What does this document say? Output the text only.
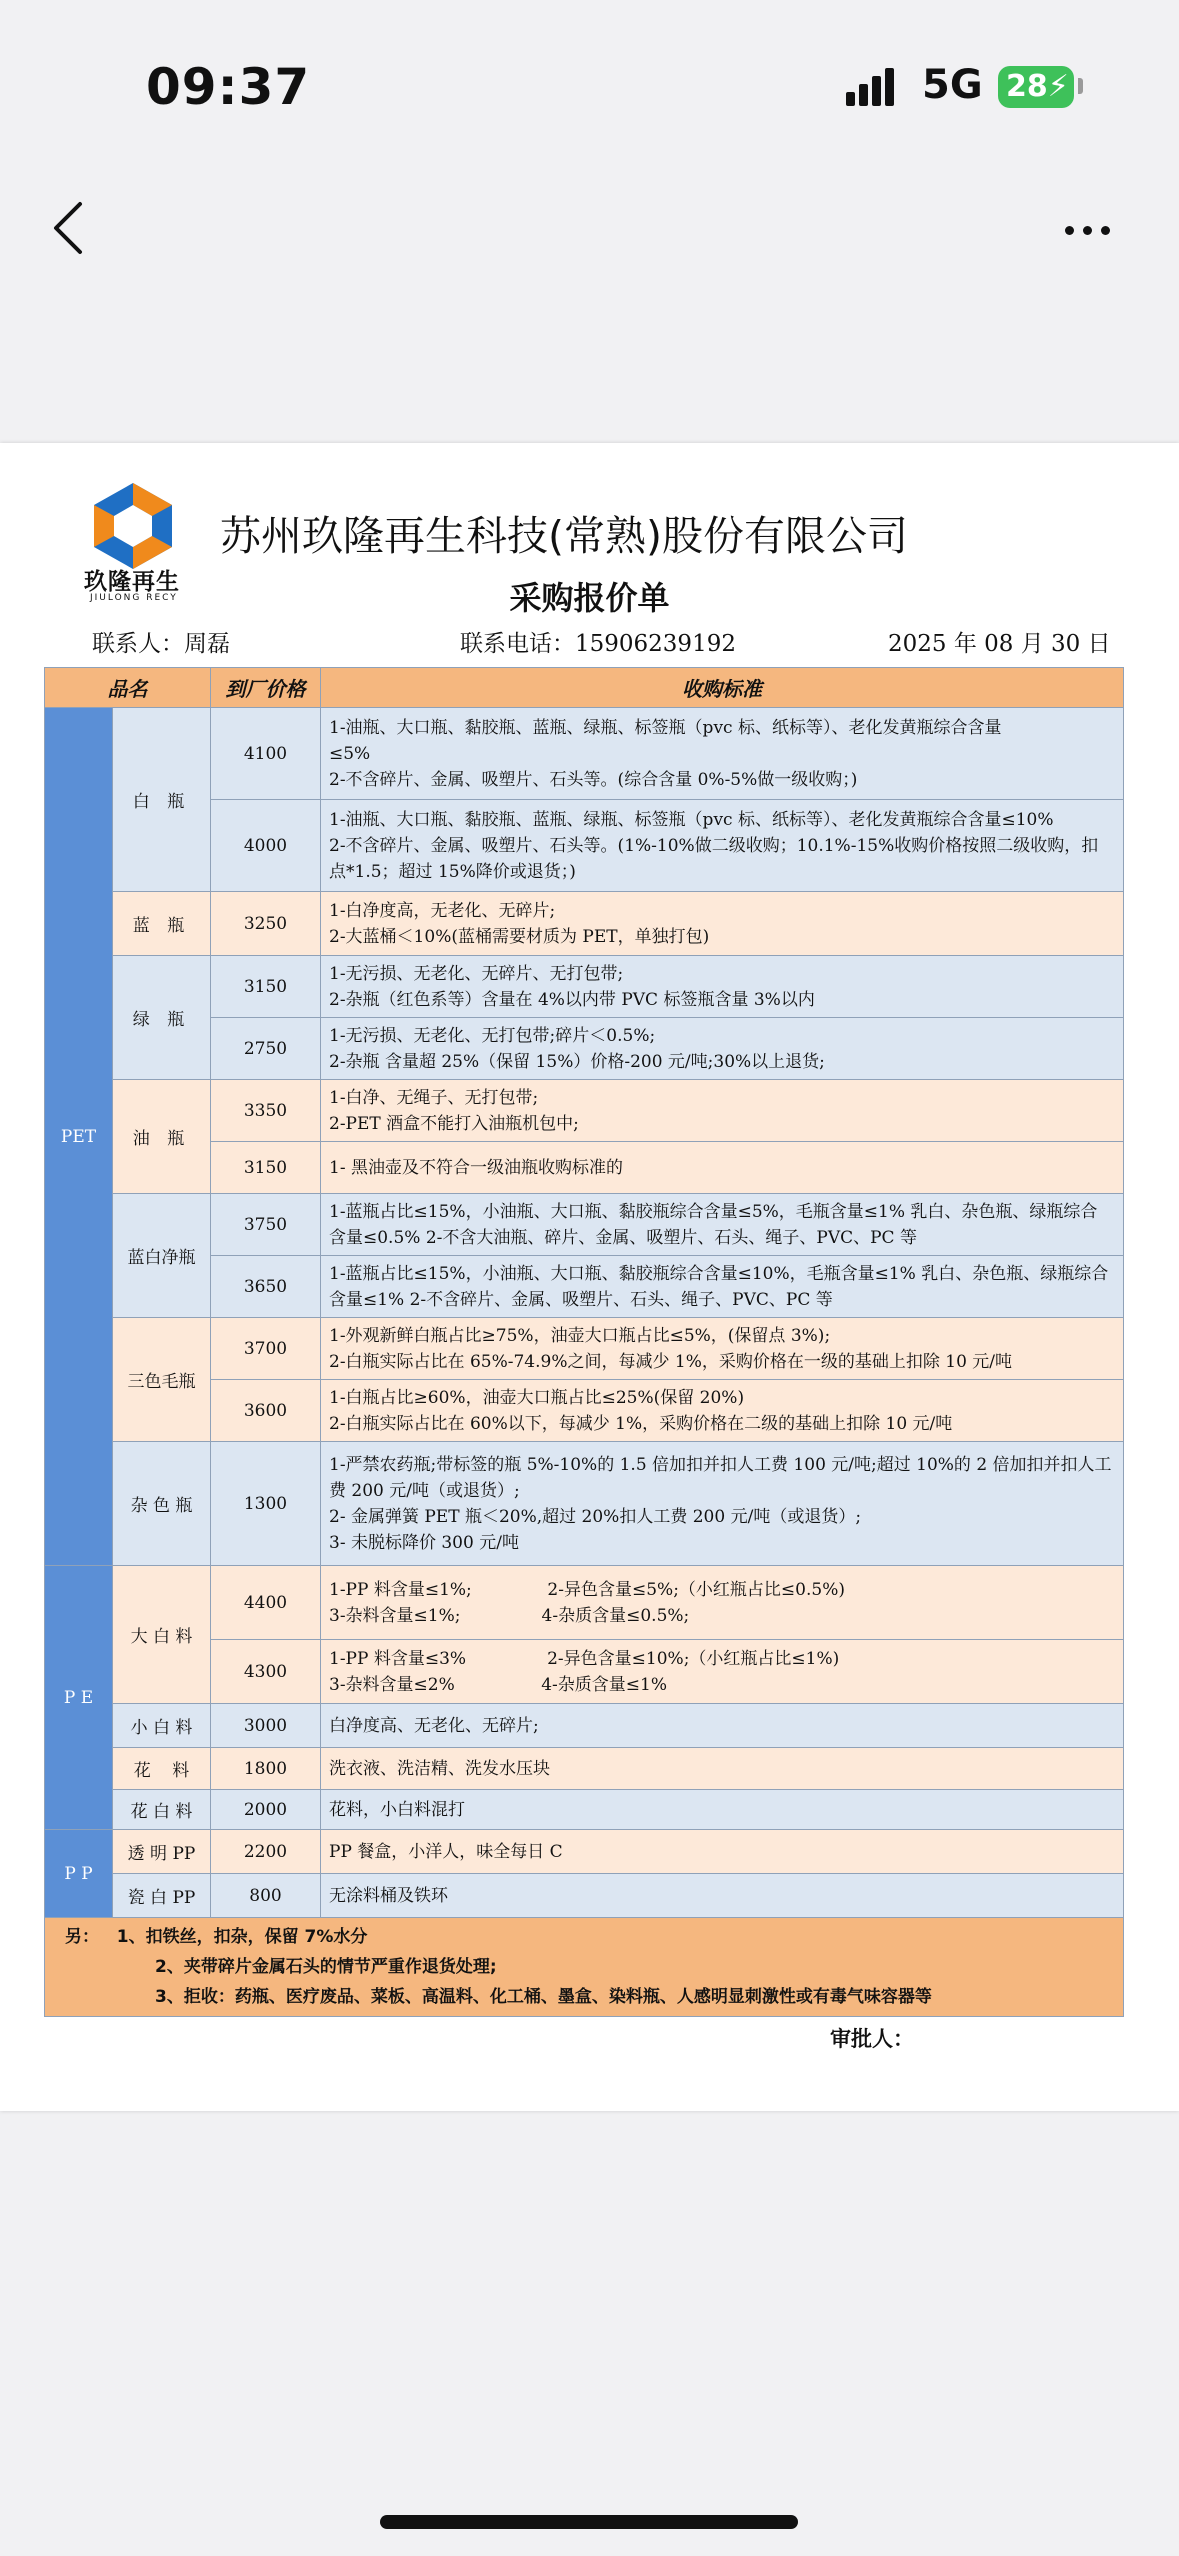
09:37	5G 28⚡
玖隆再生
JIULONG RECY
苏州玖隆再生科技(常熟)股份有限公司
采购报价单
联系人：周磊	联系电话：15906239192	2025 年 08 月 30 日
品名		到厂价格	收购标准
PET	白 瓶	4100	1-油瓶、大口瓶、黏胶瓶、蓝瓶、绿瓶、标签瓶（pvc 标、纸标等）、老化发黄瓶综合含量
≤5%
2-不含碎片、金属、吸塑片、石头等。(综合含量 0%-5%做一级收购；)

		4000	1-油瓶、大口瓶、黏胶瓶、蓝瓶、绿瓶、标签瓶（pvc 标、纸标等）、老化发黄瓶综合含量≤10%
2-不含碎片、金属、吸塑片、石头等。(1%-10%做二级收购；10.1%-15%收购价格按照二级收购，扣
点*1.5；超过 15%降价或退货；)

	蓝 瓶	3250	1-白净度高，无老化、无碎片;
2-大蓝桶＜10%(蓝桶需要材质为 PET，单独打包)

	绿 瓶	3150	1-无污损、无老化、无碎片、无打包带;
2-杂瓶（红色系等）含量在 4%以内带 PVC 标签瓶含量 3%以内

		2750	1-无污损、无老化、无打包带;碎片＜0.5%;
2-杂瓶 含量超 25%（保留 15%）价格-200 元/吨;30%以上退货;

	油 瓶	3350	1-白净、无绳子、无打包带;
2-PET 酒盒不能打入油瓶机包中;

		3150	1- 黑油壶及不符合一级油瓶收购标准的

	蓝白净瓶	3750	1-蓝瓶占比≤15%，小油瓶、大口瓶、黏胶瓶综合含量≤5%，毛瓶含量≤1% 乳白、杂色瓶、绿瓶综合
含量≤0.5% 2-不含大油瓶、碎片、金属、吸塑片、石头、绳子、PVC、PC 等

		3650	1-蓝瓶占比≤15%，小油瓶、大口瓶、黏胶瓶综合含量≤10%，毛瓶含量≤1% 乳白、杂色瓶、绿瓶综合
含量≤1% 2-不含碎片、金属、吸塑片、石头、绳子、PVC、PC 等

	三色毛瓶	3700	1-外观新鲜白瓶占比≥75%，油壶大口瓶占比≤5%，(保留点 3%);
2-白瓶实际占比在 65%-74.9%之间，每减少 1%，采购价格在一级的基础上扣除 10 元/吨

		3600	1-白瓶占比≥60%，油壶大口瓶占比≤25%(保留 20%)
2-白瓶实际占比在 60%以下，每减少 1%，采购价格在二级的基础上扣除 10 元/吨

	杂 色 瓶	1300	1-严禁农药瓶;带标签的瓶 5%-10%的 1.5 倍加扣并扣人工费 100 元/吨;超过 10%的 2 倍加扣并扣人工
费 200 元/吨（或退货）;
2- 金属弹簧 PET 瓶＜20%,超过 20%扣人工费 200 元/吨（或退货）;
3- 未脱标降价 300 元/吨

P E	大 白 料	4400	1-PP 料含量≤1%;              2-异色含量≤5%;（小红瓶占比≤0.5%)
3-杂料含量≤1%;               4-杂质含量≤0.5%;

		4300	1-PP 料含量≤3%               2-异色含量≤10%;（小红瓶占比≤1%)
3-杂料含量≤2%                4-杂质含量≤1%

	小 白 料	3000	白净度高、无老化、无碎片;
	花    料	1800	洗衣液、洗洁精、洗发水压块
	花 白 料	2000	花料，小白料混打
P P	透 明 PP	2200	PP 餐盒，小洋人，味全每日 C
	瓷 白 PP	800	无涂料桶及铁环

另：   1、扣铁丝，扣杂，保留 7%水分
2、夹带碎片金属石头的情节严重作退货处理;
3、拒收：药瓶、医疗废品、菜板、高温料、化工桶、墨盒、染料瓶、人感明显刺激性或有毒气味容器等			
审批人：
